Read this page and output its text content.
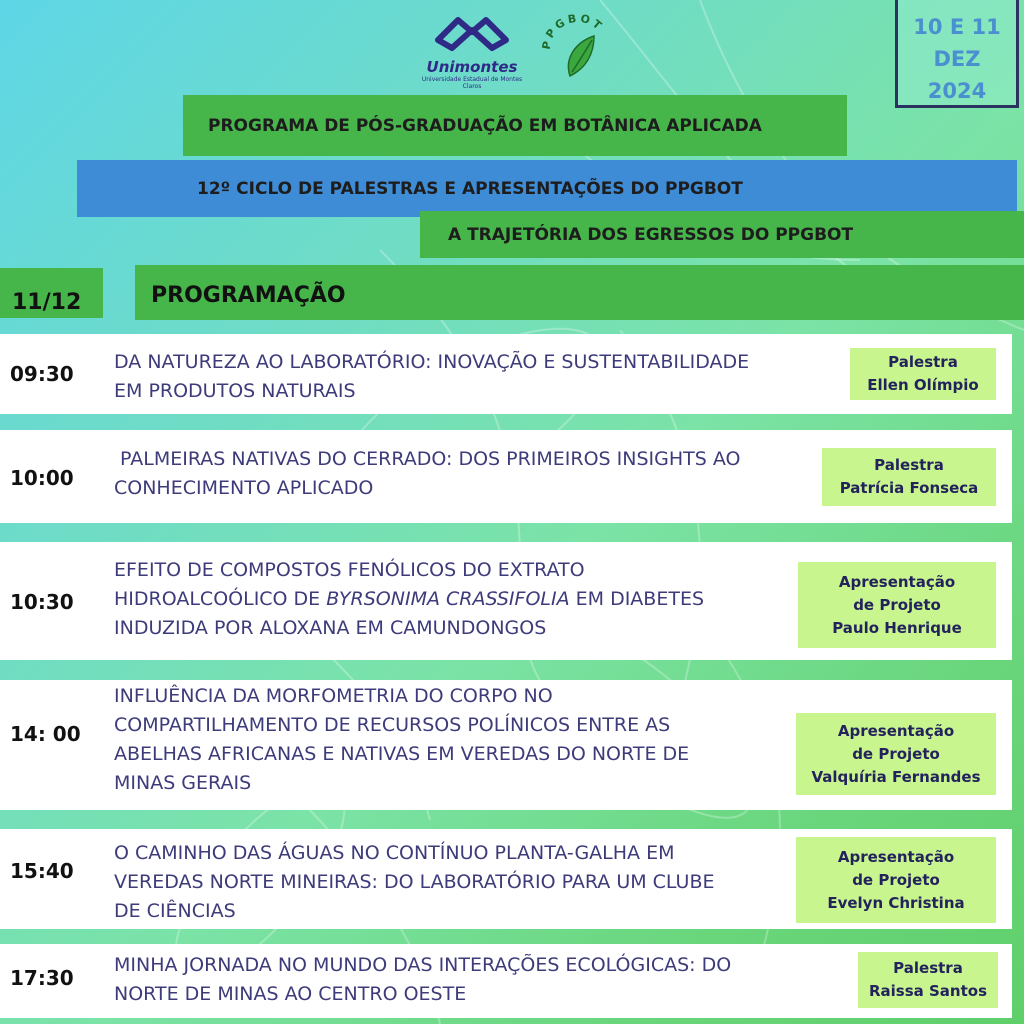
Unimontes
Universidade Estadual de Montes Claros
PPGBOT	10 E 11
DEZ
2024
PROGRAMA DE PÓS-GRADUAÇÃO EM BOTÂNICA APLICADA
12º CICLO DE PALESTRAS E APRESENTAÇÕES DO PPGBOT
A TRAJETÓRIA DOS EGRESSOS DO PPGBOT
11/12	PROGRAMAÇÃO
09:30 DA NATUREZA AO LABORATÓRIO: INOVAÇÃO E SUSTENTABILIDADE
EM PRODUTOS NATURAIS
Palestra
Ellen Olímpio
10:00
PALMEIRAS NATIVAS DO CERRADO: DOS PRIMEIROS INSIGHTS AO
CONHECIMENTO APLICADO
Palestra
Patrícia Fonseca
10:30
EFEITO DE COMPOSTOS FENÓLICOS DO EXTRATO
HIDROALCOÓLICO DE BYRSONIMA CRASSIFOLIA EM DIABETES
INDUZIDA POR ALOXANA EM CAMUNDONGOS
Apresentação
de Projeto
Paulo Henrique
14: 00
INFLUÊNCIA DA MORFOMETRIA DO CORPO NO
COMPARTILHAMENTO DE RECURSOS POLÍNICOS ENTRE AS
ABELHAS AFRICANAS E NATIVAS EM VEREDAS DO NORTE DE
MINAS GERAIS
Apresentação
de Projeto
Valquíria Fernandes
15:40
O CAMINHO DAS ÁGUAS NO CONTÍNUO PLANTA-GALHA EM
VEREDAS NORTE MINEIRAS: DO LABORATÓRIO PARA UM CLUBE
DE CIÊNCIAS
Apresentação
de Projeto
Evelyn Christina
17:30
MINHA JORNADA NO MUNDO DAS INTERAÇÕES ECOLÓGICAS: DO
NORTE DE MINAS AO CENTRO OESTE
Palestra
Raissa Santos
